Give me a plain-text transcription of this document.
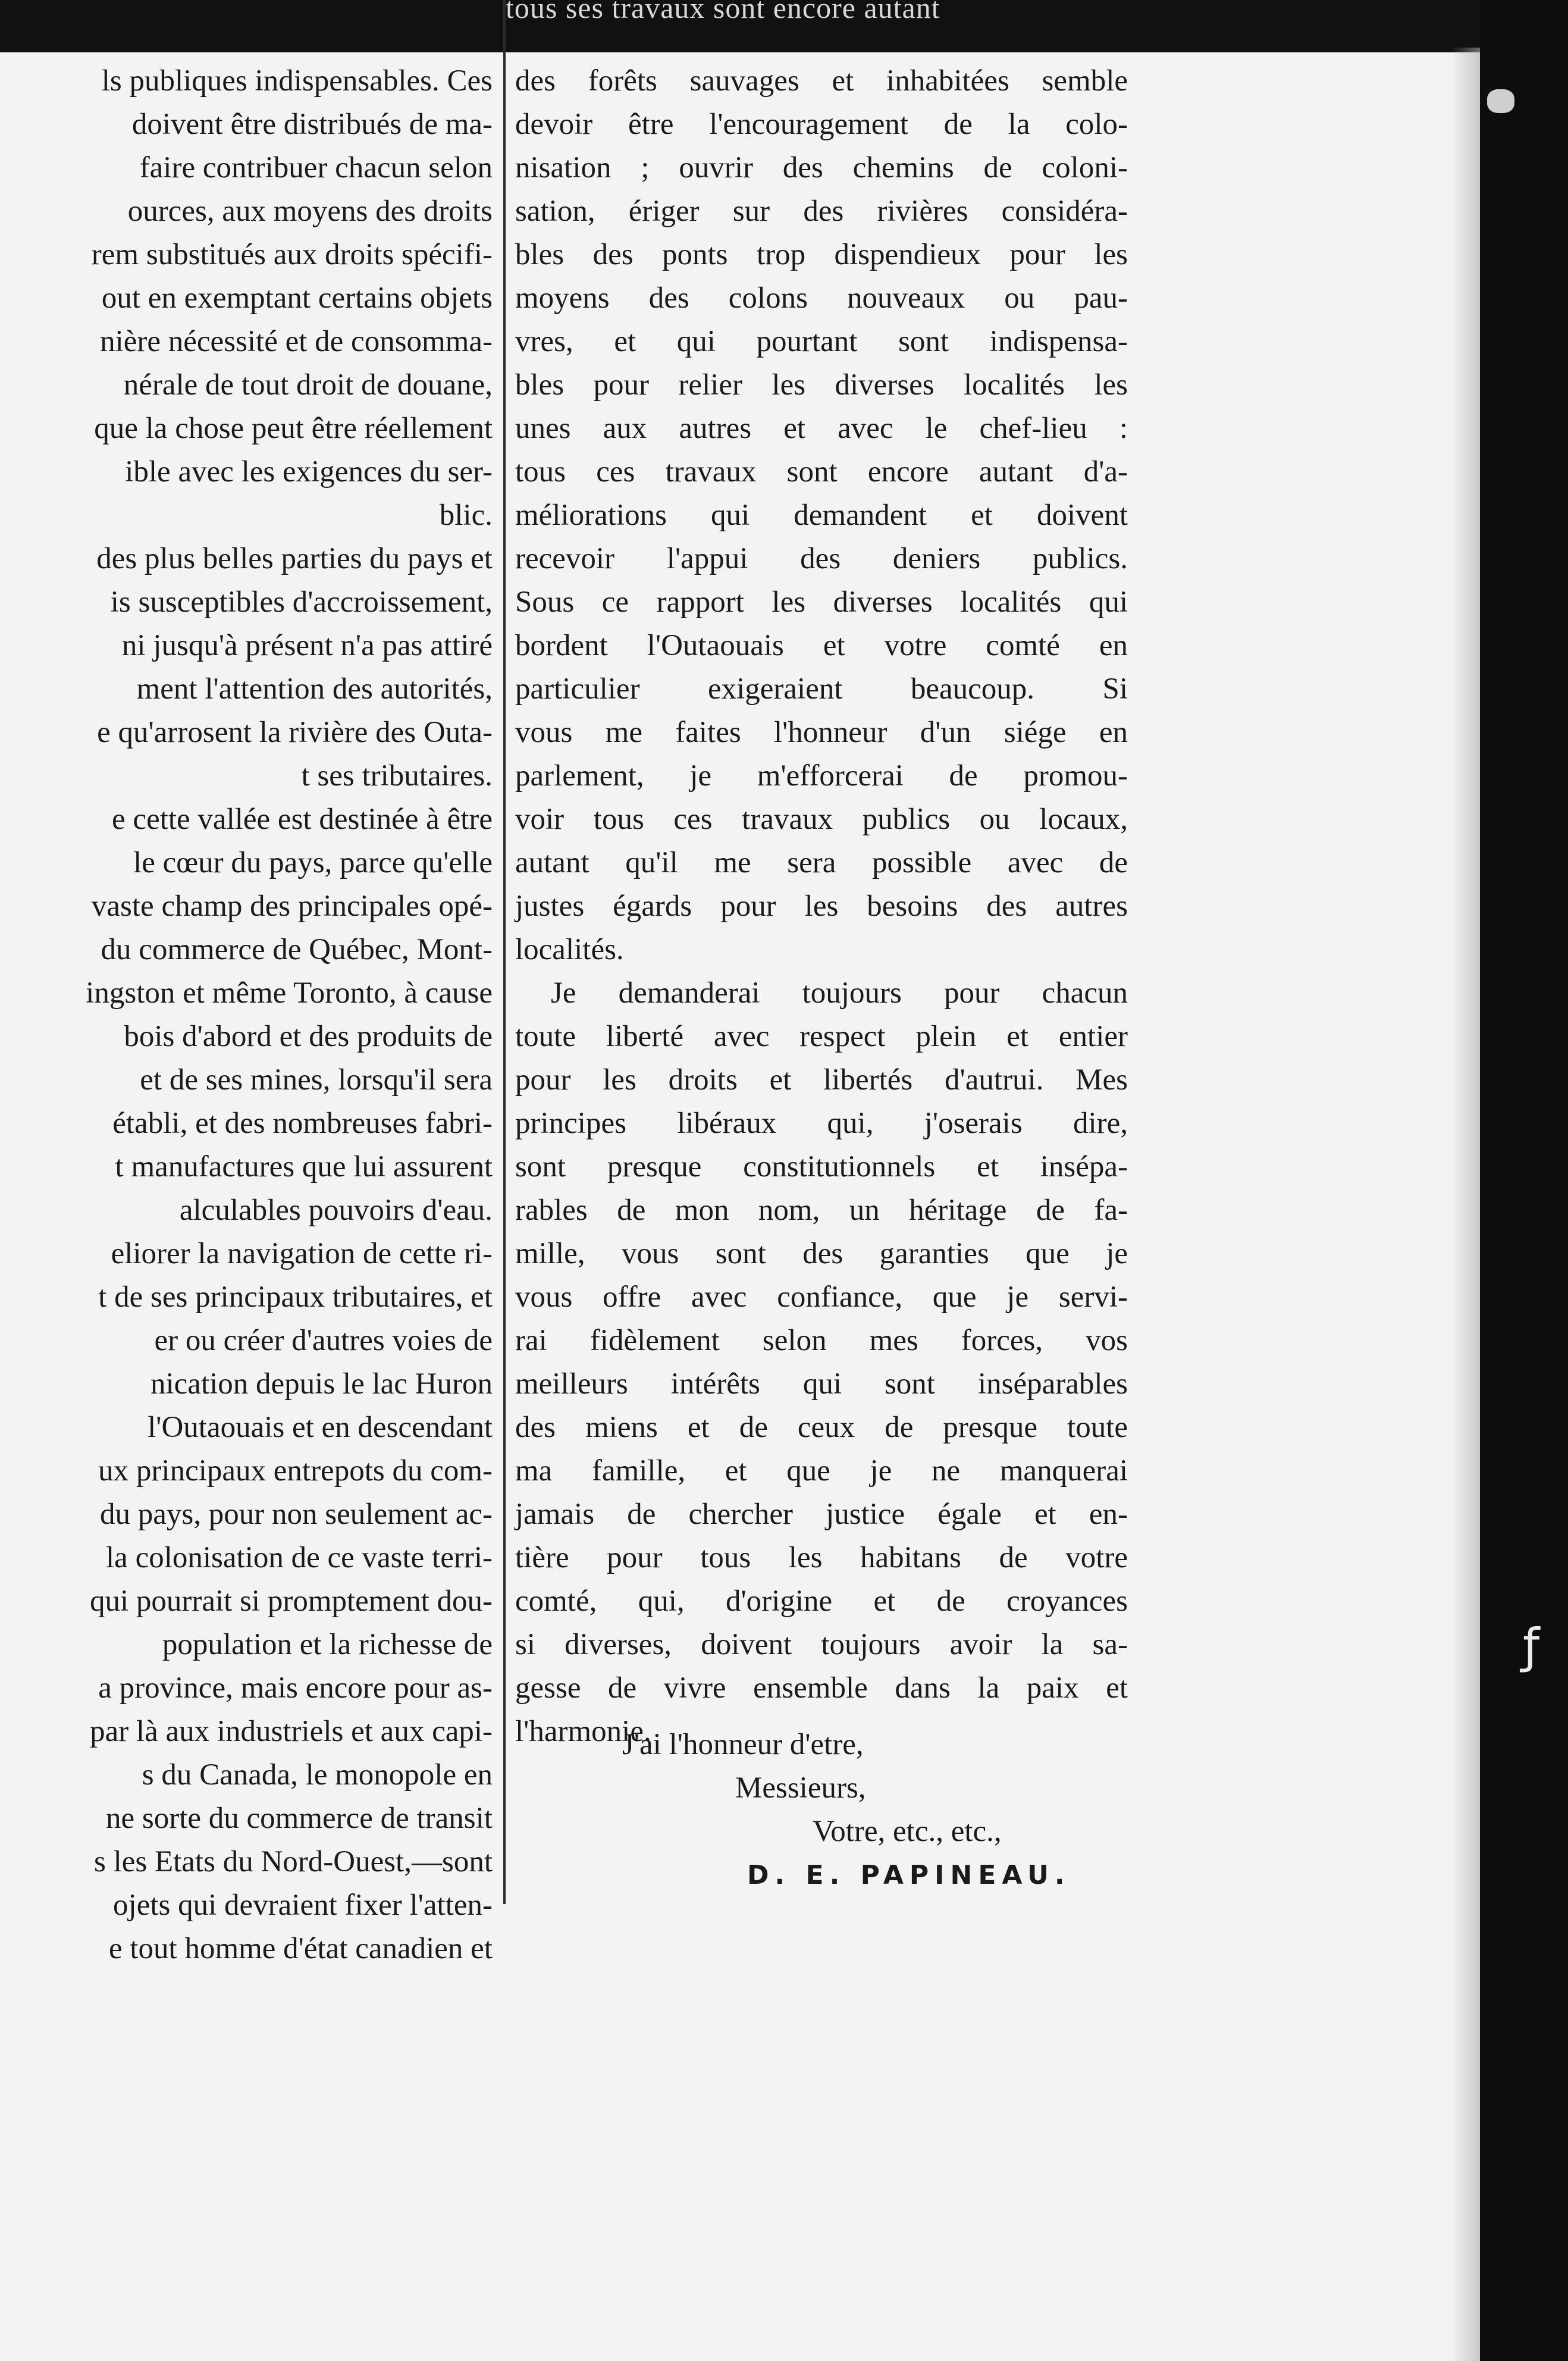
tous ses travaux sont encore autant
ƒ
ls publiques indispensables. Ces
doivent être distribués de ma-
faire contribuer chacun selon
ources, aux moyens des droits
rem substitués aux droits spécifi-
out en exemptant certains objets
nière nécessité et de consomma-
nérale de tout droit de douane,
que la chose peut être réellement
ible avec les exigences du ser-
blic.
des plus belles parties du pays et
is susceptibles d'accroissement,
ni jusqu'à présent n'a pas attiré
ment l'attention des autorités,
e qu'arrosent la rivière des Outa-
t ses tributaires.
e cette vallée est destinée à être
le cœur du pays, parce qu'elle
vaste champ des principales opé-
du commerce de Québec, Mont-
ingston et même Toronto, à cause
bois d'abord et des produits de
et de ses mines, lorsqu'il sera
établi, et des nombreuses fabri-
t manufactures que lui assurent
alculables pouvoirs d'eau.
eliorer la navigation de cette ri-
t de ses principaux tributaires, et
er ou créer d'autres voies de
nication depuis le lac Huron
l'Outaouais et en descendant
ux principaux entrepots du com-
du pays, pour non seulement ac-
la colonisation de ce vaste terri-
qui pourrait si promptement dou-
population et la richesse de
a province, mais encore pour as-
par là aux industriels et aux capi-
s du Canada, le monopole en
ne sorte du commerce de transit
s les Etats du Nord-Ouest,—sont
ojets qui devraient fixer l'atten-
e tout homme d'état canadien et
des forêts sauvages et inhabitées semble
devoir être l'encouragement de la colo-
nisation ; ouvrir des chemins de coloni-
sation, ériger sur des rivières considéra-
bles des ponts trop dispendieux pour les
moyens des colons nouveaux ou pau-
vres, et qui pourtant sont indispensa-
bles pour relier les diverses localités les
unes aux autres et avec le chef-lieu :
tous ces travaux sont encore autant d'a-
méliorations qui demandent et doivent
recevoir l'appui des deniers publics.
Sous ce rapport les diverses localités qui
bordent l'Outaouais et votre comté en
particulier exigeraient beaucoup. Si
vous me faites l'honneur d'un siége en
parlement, je m'efforcerai de promou-
voir tous ces travaux publics ou locaux,
autant qu'il me sera possible avec de
justes égards pour les besoins des autres
localités.
Je demanderai toujours pour chacun
toute liberté avec respect plein et entier
pour les droits et libertés d'autrui. Mes
principes libéraux qui, j'oserais dire,
sont presque constitutionnels et insépa-
rables de mon nom, un héritage de fa-
mille, vous sont des garanties que je
vous offre avec confiance, que je servi-
rai fidèlement selon mes forces, vos
meilleurs intérêts qui sont inséparables
des miens et de ceux de presque toute
ma famille, et que je ne manquerai
jamais de chercher justice égale et en-
tière pour tous les habitans de votre
comté, qui, d'origine et de croyances
si diverses, doivent toujours avoir la sa-
gesse de vivre ensemble dans la paix et
l'harmonie.
J'ai l'honneur d'etre,
Messieurs,
Votre, etc., etc.,
D. E. PAPINEAU.
